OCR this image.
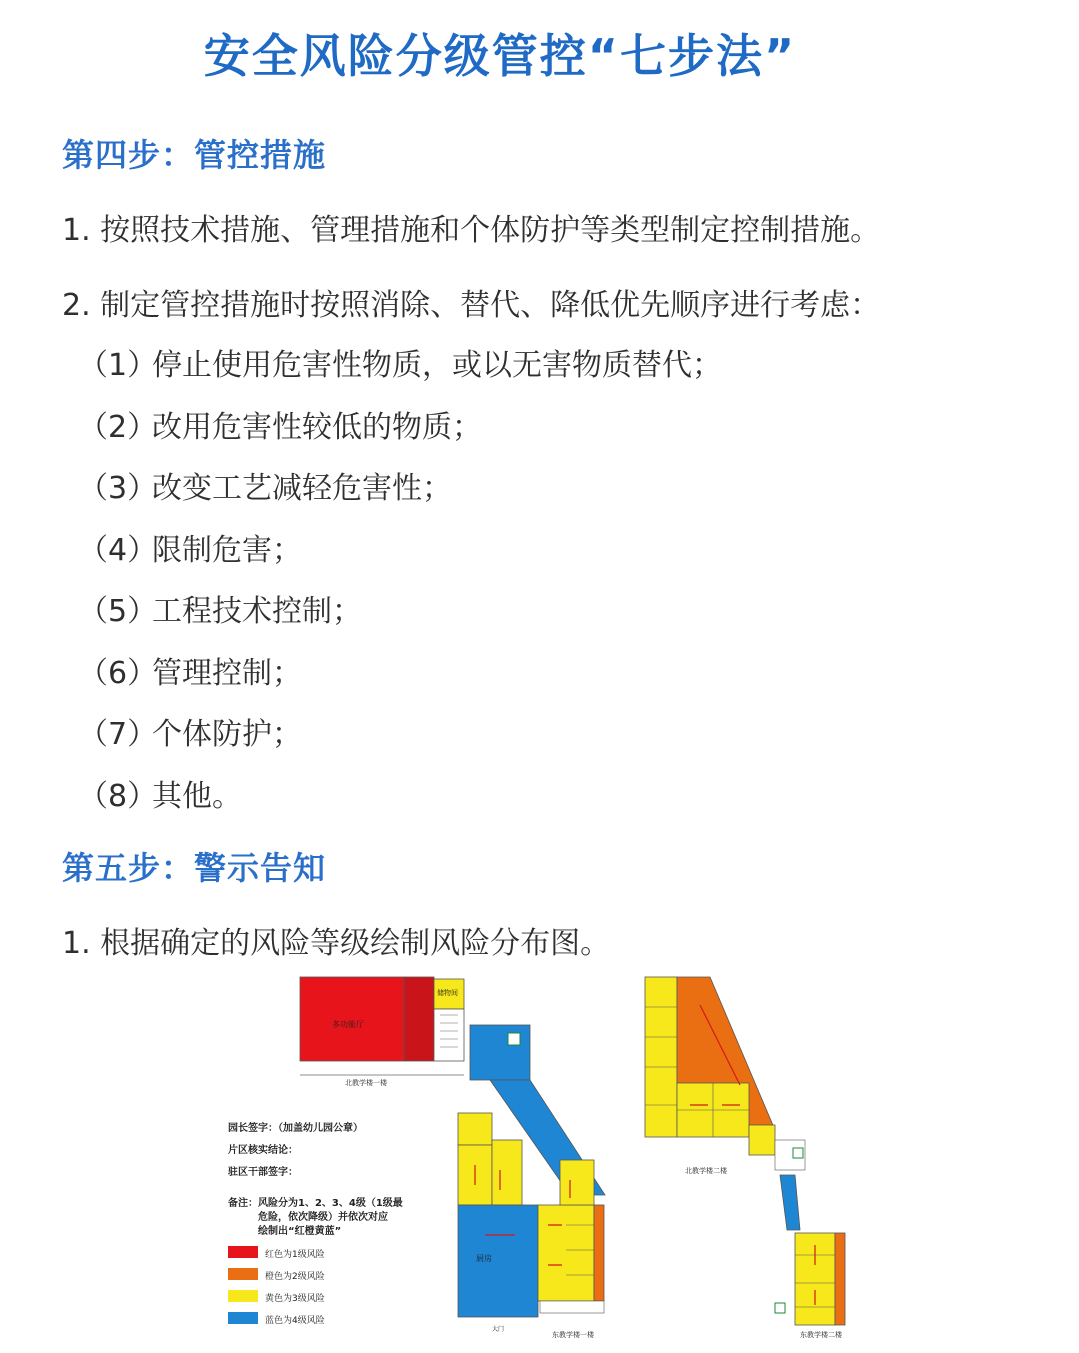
安全风险分级管控“七步法”
第四步：管控措施
1. 按照技术措施、管理措施和个体防护等类型制定控制措施。
2. 制定管控措施时按照消除、替代、降低优先顺序进行考虑：
（1）停止使用危害性物质，或以无害物质替代；
（2）改用危害性较低的物质；
（3）改变工艺减轻危害性；
（4）限制危害；
（5）工程技术控制；
（6）管理控制；
（7）个体防护；
（8）其他。
第五步：警示告知
1. 根据确定的风险等级绘制风险分布图。
多功能厅
储物间
北教学楼一楼
厨房
大门
东教学楼一楼
北教学楼二楼
东教学楼二楼
园长签字：（加盖幼儿园公章）
片区核实结论：
驻区干部签字：
备注：风险分为1、2、3、4级（1级最
危险，依次降级）并依次对应
绘制出“红橙黄蓝”
红色为1级风险
橙色为2级风险
黄色为3级风险
蓝色为4级风险
